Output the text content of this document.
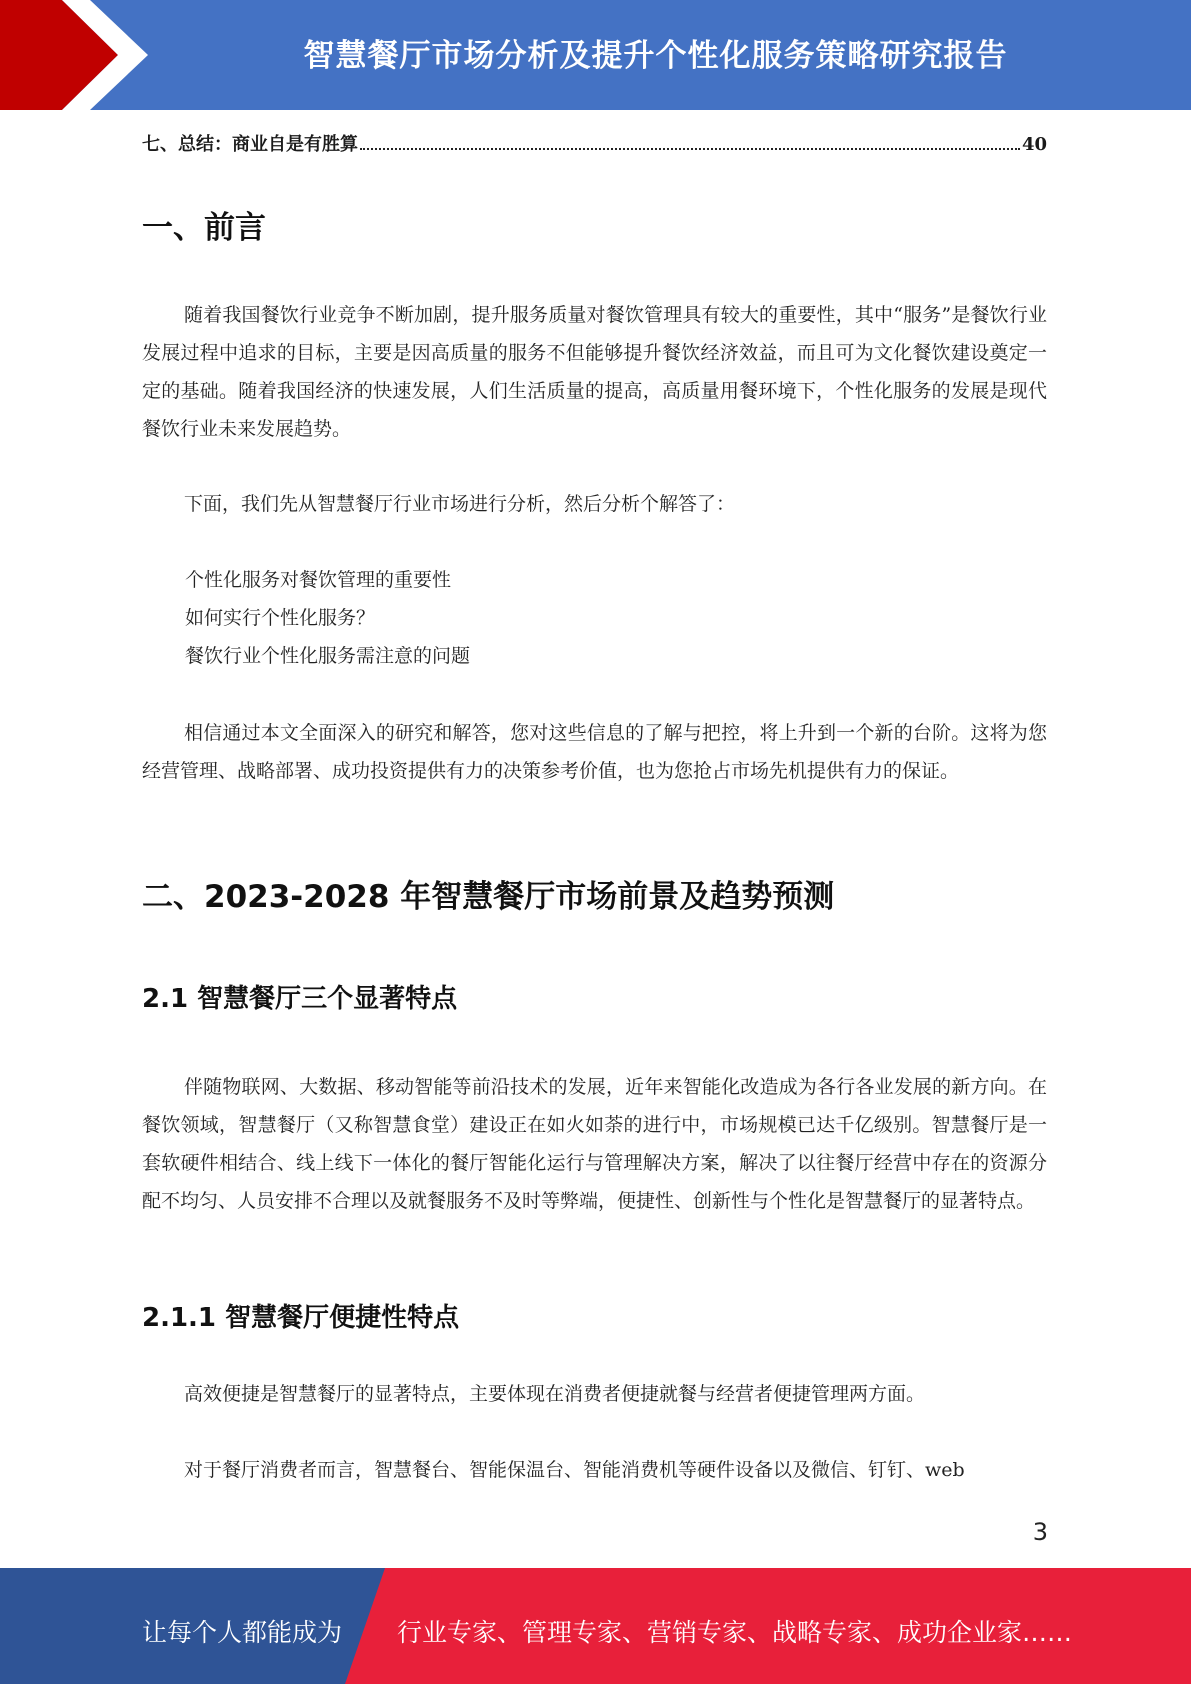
智慧餐厅市场分析及提升个性化服务策略研究报告
七、总结：商业自是有胜算	40
一、前言

随着我国餐饮行业竞争不断加剧，提升服务质量对餐饮管理具有较大的重要性，其中“服务”是餐饮行业发展过程中追求的目标，主要是因高质量的服务不但能够提升餐饮经济效益，而且可为文化餐饮建设奠定一定的基础。随着我国经济的快速发展，人们生活质量的提高，高质量用餐环境下，个性化服务的发展是现代餐饮行业未来发展趋势。

下面，我们先从智慧餐厅行业市场进行分析，然后分析个解答了：

个性化服务对餐饮管理的重要性
如何实行个性化服务？
餐饮行业个性化服务需注意的问题

相信通过本文全面深入的研究和解答，您对这些信息的了解与把控，将上升到一个新的台阶。这将为您经营管理、战略部署、成功投资提供有力的决策参考价值，也为您抢占市场先机提供有力的保证。

二、2023-2028 年智慧餐厅市场前景及趋势预测
2.1 智慧餐厅三个显著特点

伴随物联网、大数据、移动智能等前沿技术的发展，近年来智能化改造成为各行各业发展的新方向。在餐饮领域，智慧餐厅（又称智慧食堂）建设正在如火如荼的进行中，市场规模已达千亿级别。智慧餐厅是一套软硬件相结合、线上线下一体化的餐厅智能化运行与管理解决方案，解决了以往餐厅经营中存在的资源分配不均匀、人员安排不合理以及就餐服务不及时等弊端，便捷性、创新性与个性化是智慧餐厅的显著特点。

2.1.1 智慧餐厅便捷性特点

高效便捷是智慧餐厅的显著特点，主要体现在消费者便捷就餐与经营者便捷管理两方面。

对于餐厅消费者而言，智慧餐台、智能保温台、智能消费机等硬件设备以及微信、钉钉、web

3
让每个人都能成为 行业专家、管理专家、营销专家、战略专家、成功企业家……
